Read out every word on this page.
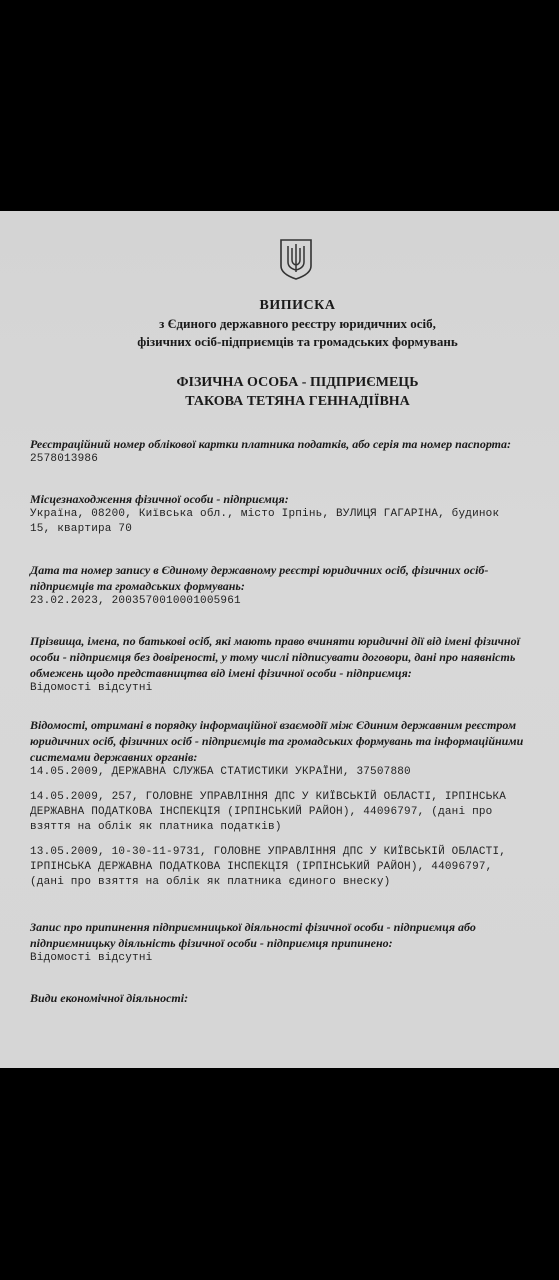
ВИПИСКА
з Єдиного державного реєстру юридичних осіб,
фізичних осіб-підприємців та громадських формувань
ФІЗИЧНА ОСОБА - ПІДПРИЄМЕЦЬ
ТАКОВА ТЕТЯНА ГЕННАДІЇВНА

Реєстраційний номер облікової картки платника податків, або серія та номер паспорта:

2578013986

Місцезнаходження фізичної особи - підприємця:

Україна, 08200, Київська обл., місто Ірпінь, ВУЛИЦЯ ГАГАРІНА, будинок
15, квартира 70

Дата та номер запису в Єдиному державному реєстрі юридичних осіб, фізичних осіб-
підприємців та громадських формувань:

23.02.2023, 2003570010001005961

Прізвища, імена, по батькові осіб, які мають право вчиняти юридичні дії від імені фізичної
особи - підприємця без довіреності, у тому числі підписувати договори, дані про наявність
обмежень щодо представництва від імені фізичної особи - підприємця:

Відомості відсутні

Відомості, отримані в порядку інформаційної взаємодії між Єдиним державним реєстром
юридичних осіб, фізичних осіб - підприємців та громадських формувань та інформаційними
системами державних органів:

14.05.2009, ДЕРЖАВНА СЛУЖБА СТАТИСТИКИ УКРАЇНИ, 37507880

14.05.2009, 257, ГОЛОВНЕ УПРАВЛІННЯ ДПС У КИЇВСЬКІЙ ОБЛАСТІ, ІРПІНСЬКА
ДЕРЖАВНА ПОДАТКОВА ІНСПЕКЦІЯ (ІРПІНСЬКИЙ РАЙОН), 44096797, (дані про
взяття на облік як платника податків)

13.05.2009, 10-30-11-9731, ГОЛОВНЕ УПРАВЛІННЯ ДПС У КИЇВСЬКІЙ ОБЛАСТІ,
ІРПІНСЬКА ДЕРЖАВНА ПОДАТКОВА ІНСПЕКЦІЯ (ІРПІНСЬКИЙ РАЙОН), 44096797,
(дані про взяття на облік як платника єдиного внеску)

Запис про припинення підприємницької діяльності фізичної особи - підприємця або
підприємницьку діяльність фізичної особи - підприємця припинено:

Відомості відсутні

Види економічної діяльності:
